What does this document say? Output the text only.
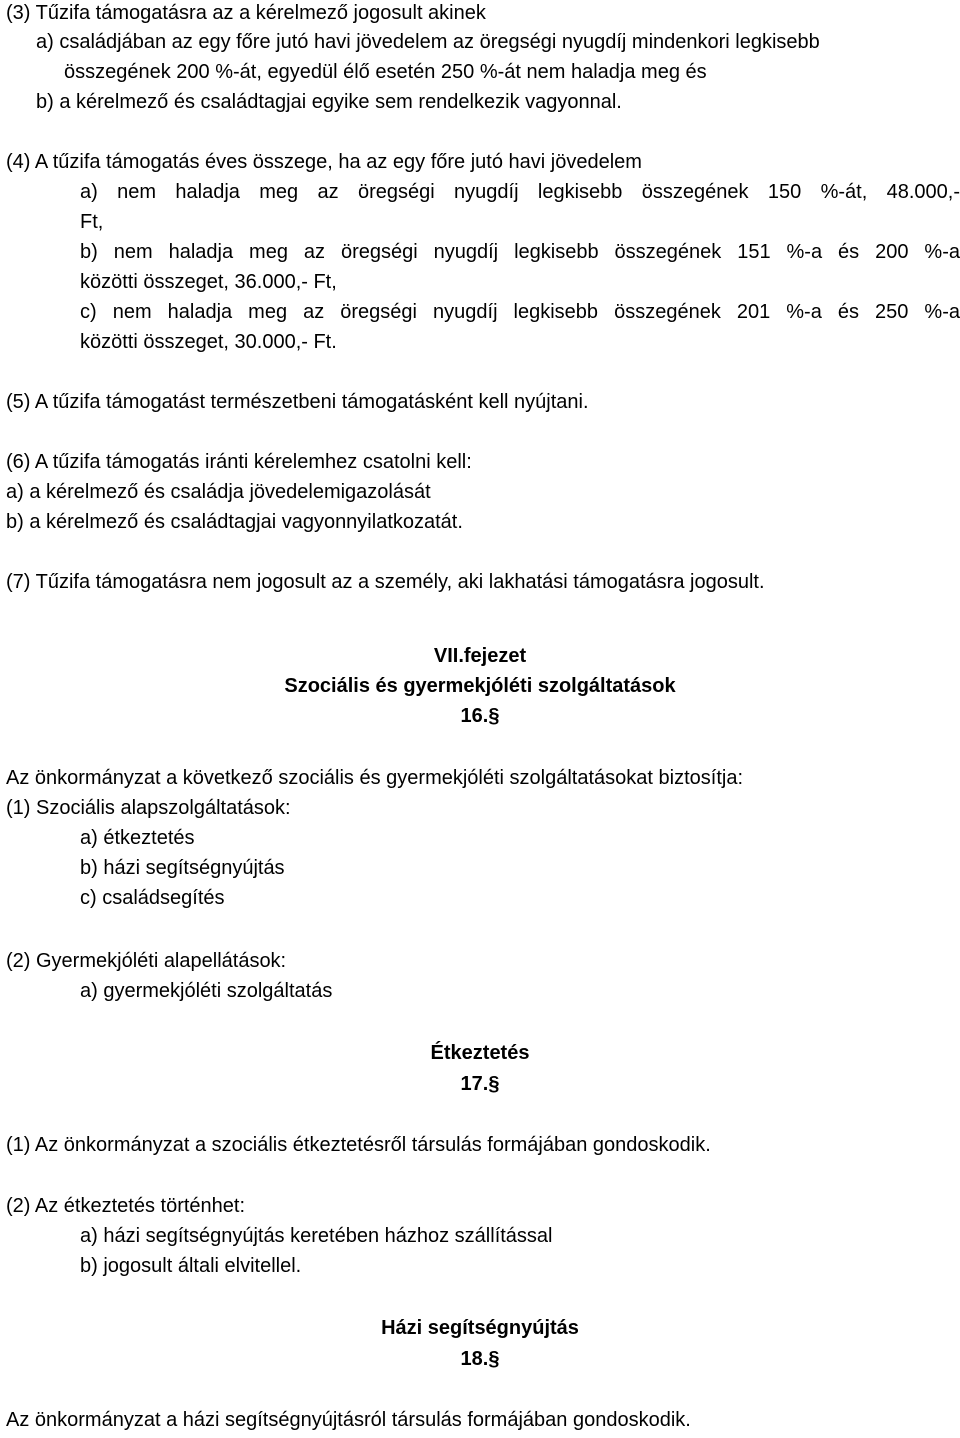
(3) Tűzifa támogatásra az a kérelmező jogosult akinek
a) családjában az egy főre jutó havi jövedelem az öregségi nyugdíj mindenkori legkisebb
összegének 200 %-át, egyedül élő esetén 250 %-át nem haladja meg és
b) a kérelmező és családtagjai egyike sem rendelkezik vagyonnal.
(4) A tűzifa támogatás éves összege, ha az egy főre jutó havi jövedelem
a) nem haladja meg az öregségi nyugdíj legkisebb összegének 150 %-át, 48.000,-
Ft,
b) nem haladja meg az öregségi nyugdíj legkisebb összegének 151 %-a és 200 %-a
közötti összeget, 36.000,- Ft,
c) nem haladja meg az öregségi nyugdíj legkisebb összegének 201 %-a és 250 %-a
közötti összeget, 30.000,- Ft.
(5) A tűzifa támogatást természetbeni támogatásként kell nyújtani.
(6) A tűzifa támogatás iránti kérelemhez csatolni kell:
a) a kérelmező és családja jövedelemigazolását
b) a kérelmező és családtagjai vagyonnyilatkozatát.
(7) Tűzifa támogatásra nem jogosult az a személy, aki lakhatási támogatásra jogosult.
VII.fejezet
Szociális és gyermekjóléti szolgáltatások
16.§
Az önkormányzat a következő szociális és gyermekjóléti szolgáltatásokat biztosítja:
(1) Szociális alapszolgáltatások:
a) étkeztetés
b) házi segítségnyújtás
c) családsegítés
(2) Gyermekjóléti alapellátások:
a) gyermekjóléti szolgáltatás
Étkeztetés
17.§
(1) Az önkormányzat a szociális étkeztetésről társulás formájában gondoskodik.
(2) Az étkeztetés történhet:
a) házi segítségnyújtás keretében házhoz szállítással
b) jogosult általi elvitellel.
Házi segítségnyújtás
18.§
Az önkormányzat a házi segítségnyújtásról társulás formájában gondoskodik.
